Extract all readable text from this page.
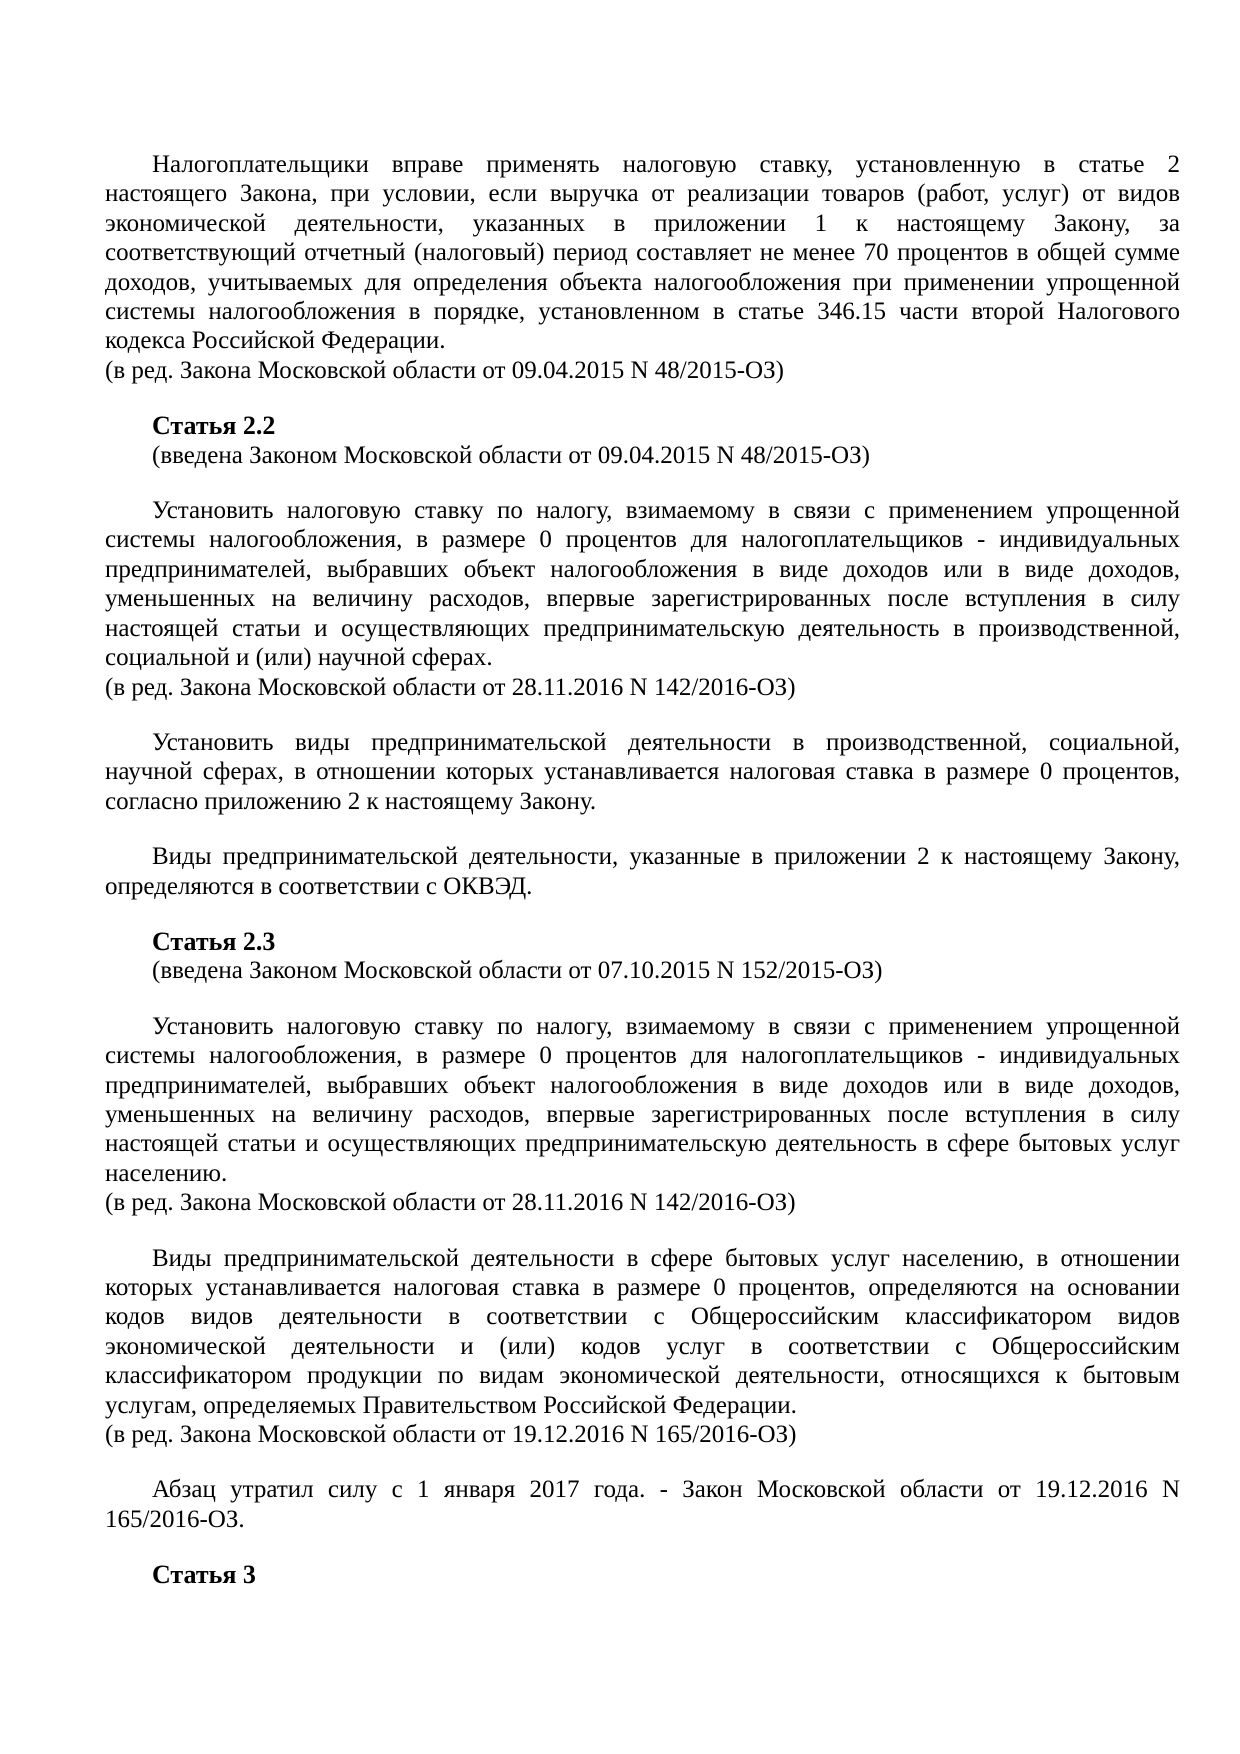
Налогоплательщики вправе применять налоговую ставку, установленную в статье 2
настоящего Закона, при условии, если выручка от реализации товаров (работ, услуг) от видов
экономической деятельности, указанных в приложении 1 к настоящему Закону, за
соответствующий отчетный (налоговый) период составляет не менее 70 процентов в общей сумме
доходов, учитываемых для определения объекта налогообложения при применении упрощенной
системы налогообложения в порядке, установленном в статье 346.15 части второй Налогового
кодекса Российской Федерации.
(в ред. Закона Московской области от 09.04.2015 N 48/2015-ОЗ)
Статья 2.2
(введена Законом Московской области от 09.04.2015 N 48/2015-ОЗ)
Установить налоговую ставку по налогу, взимаемому в связи с применением упрощенной
системы налогообложения, в размере 0 процентов для налогоплательщиков - индивидуальных
предпринимателей, выбравших объект налогообложения в виде доходов или в виде доходов,
уменьшенных на величину расходов, впервые зарегистрированных после вступления в силу
настоящей статьи и осуществляющих предпринимательскую деятельность в производственной,
социальной и (или) научной сферах.
(в ред. Закона Московской области от 28.11.2016 N 142/2016-ОЗ)
Установить виды предпринимательской деятельности в производственной, социальной,
научной сферах, в отношении которых устанавливается налоговая ставка в размере 0 процентов,
согласно приложению 2 к настоящему Закону.
Виды предпринимательской деятельности, указанные в приложении 2 к настоящему Закону,
определяются в соответствии с ОКВЭД.
Статья 2.3
(введена Законом Московской области от 07.10.2015 N 152/2015-ОЗ)
Установить налоговую ставку по налогу, взимаемому в связи с применением упрощенной
системы налогообложения, в размере 0 процентов для налогоплательщиков - индивидуальных
предпринимателей, выбравших объект налогообложения в виде доходов или в виде доходов,
уменьшенных на величину расходов, впервые зарегистрированных после вступления в силу
настоящей статьи и осуществляющих предпринимательскую деятельность в сфере бытовых услуг
населению.
(в ред. Закона Московской области от 28.11.2016 N 142/2016-ОЗ)
Виды предпринимательской деятельности в сфере бытовых услуг населению, в отношении
которых устанавливается налоговая ставка в размере 0 процентов, определяются на основании
кодов видов деятельности в соответствии с Общероссийским классификатором видов
экономической деятельности и (или) кодов услуг в соответствии с Общероссийским
классификатором продукции по видам экономической деятельности, относящихся к бытовым
услугам, определяемых Правительством Российской Федерации.
(в ред. Закона Московской области от 19.12.2016 N 165/2016-ОЗ)
Абзац утратил силу с 1 января 2017 года. - Закон Московской области от 19.12.2016 N
165/2016-ОЗ.
Статья 3
